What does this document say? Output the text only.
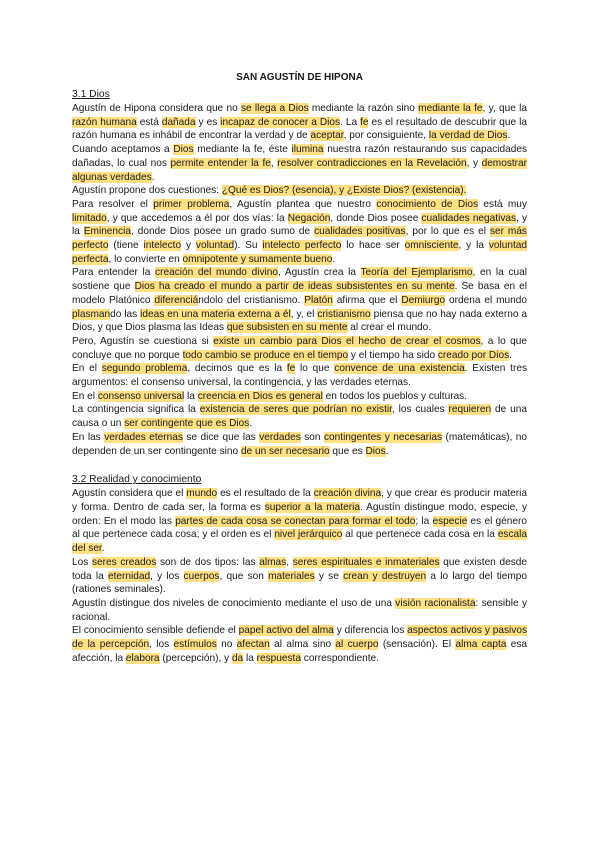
SAN AGUSTÍN DE HIPONA
3.1 Dios

Agustín de Hipona considera que no se llega a Dios mediante la razón sino mediante la fe, y, que la razón humana está dañada y es incapaz de conocer a Dios. La fe es el resultado de descubrir que la razón humana es inhábil de encontrar la verdad y de aceptar, por consiguiente, la verdad de Dios.

Cuando aceptamos a Dios mediante la fe, éste ilumina nuestra razón restaurando sus capacidades dañadas, lo cual nos permite entender la fe, resolver contradicciones en la Revelación, y demostrar algunas verdades.

Agustín propone dos cuestiones: ¿Qué es Dios? (esencia), y ¿Existe Dios? (existencia).

Para resolver el primer problema, Agustín plantea que nuestro conocimiento de Dios está muy limitado, y que accedemos a él por dos vías: la Negación, donde Dios posee cualidades negativas, y la Eminencia, donde Dios posee un grado sumo de cualidades positivas, por lo que es el ser más perfecto (tiene intelecto y voluntad). Su intelecto perfecto lo hace ser omnisciente, y la voluntad perfecta, lo convierte en omnipotente y sumamente bueno.

Para entender la creación del mundo divino, Agustín crea la Teoría del Ejemplarismo, en la cual sostiene que Dios ha creado el mundo a partir de ideas subsistentes en su mente. Se basa en el modelo Platónico diferenciándolo del cristianismo. Platón afirma que el Demiurgo ordena el mundo plasmando las ideas en una materia externa a él, y, el cristianismo piensa que no hay nada externo a Dios, y que Dios plasma las Ideas que subsisten en su mente al crear el mundo.

Pero, Agustín se cuestiona si existe un cambio para Dios el hecho de crear el cosmos, a lo que concluye que no porque todo cambio se produce en el tiempo y el tiempo ha sido creado por Dios.

En el segundo problema, decimos que es la fe lo que convence de una existencia. Existen tres argumentos: el consenso universal, la contingencia, y las verdades eternas.

En el consenso universal la creencia en Dios es general en todos los pueblos y culturas.

La contingencia significa la existencia de seres que podrían no existir, los cuales requieren de una causa o un ser contingente que es Dios.

En las verdades eternas se dice que las verdades son contingentes y necesarias (matemáticas), no dependen de un ser contingente sino de un ser necesario que es Dios.

3.2 Realidad y conocimiento

Agustín considera que el mundo es el resultado de la creación divina, y que crear es producir materia y forma. Dentro de cada ser, la forma es superior a la materia. Agustín distingue modo, especie, y orden: En el modo las partes de cada cosa se conectan para formar el todo; la especie es el género al que pertenece cada cosa; y el orden es el nivel jerárquico al que pertenece cada cosa en la escala del ser.

Los seres creados son de dos tipos: las almas, seres espirituales e inmateriales que existen desde toda la eternidad, y los cuerpos, que son materiales y se crean y destruyen a lo largo del tiempo (rationes seminales).

Agustín distingue dos niveles de conocimiento mediante el uso de una visión racionalista: sensible y racional.

El conocimiento sensible defiende el papel activo del alma y diferencia los aspectos activos y pasivos de la percepción, los estímulos no afectan al alma sino al cuerpo (sensación). El alma capta esa afección, la elabora (percepción), y da la respuesta correspondiente.
